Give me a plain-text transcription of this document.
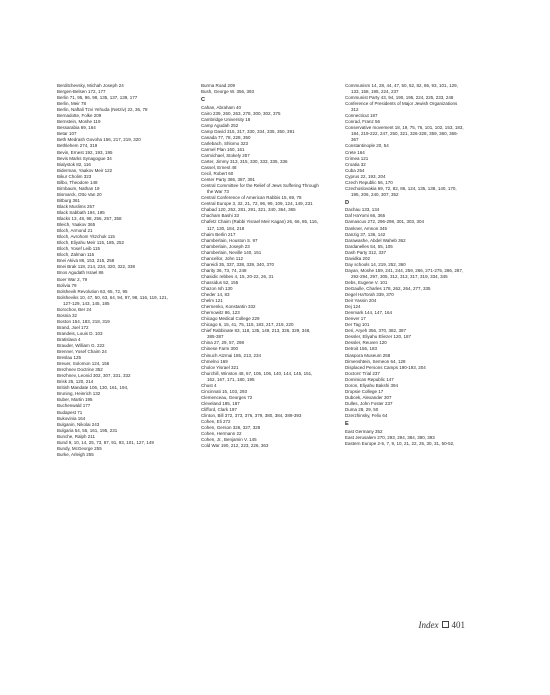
Berditchevsky, Michah Joseph 24
Bergen-Belsen 172, 177
Berlin 71, 95, 96, 98, 135, 137, 139, 177
Berlin, Meir 78
Berlin, Naftali Tzvi Yehuda (Netziv) 22, 36, 78
Bernadotte, Folke 209
Bernstein, Moshe 119
Bessarabia 69, 164
Betar 107
Beth Medrash Govoha 156, 217, 219, 320
Bethlehem 274, 319
Bevin, Ernest 192, 193, 195
Bevis Marks Synagogue 34
Bialystok 82, 116
Biderman, Yaakov Meir 122
Bikur Cholim 323
Bilbo, Theodore 148
Birnbaum, Nathan 19
Bismarck, Otto Van 20
Bitburg 361
Black Muslims 257
Black Sabbath 194, 195
Blacks 13, 48, 98, 256, 257, 358
Bleich, Yaakov 365
Bloch, Armond 21
Bloch, Avrohom Yitzchok 115
Bloch, Eliyahu Meir 115, 185, 252
Bloch, Yosef Leib 115
Bloch, Zalman 115
Bnei Akiva 86, 153, 215, 258
Bnei Brak 118, 214, 234, 320, 322, 338
Bnos Agudath Israel 86
Boer War 2, 79
Bolivia 79
Bolshevik Revolution 63, 65, 72, 95
Bolsheviks 10, 47, 50, 63, 64, 94, 97, 98, 116, 119, 121, 127-129, 143, 145, 185
Borochov, Ber 24
Bosnia 32
Boston 154, 183, 218, 319
Brand, Joel 172
Brandeis, Louis D. 103
Bratislava 4
Brauder, William G. 222
Brenner, Yosef Chaim 24
Breslau 125
Breuer, Solomon 124, 156
Brezhnev Doctrine 352
Brezhnev, Leonid 302, 307, 331, 332
Brisk 25, 120, 214
British Mandate 106, 130, 161, 194,
Bruning, Heinrich 132
Buber, Martin 195
Buchenwald 177
Budapest 71
Bukovinia 164
Bulganin, Nikolai 243
Bulgaria 54, 55, 161, 195, 231
Bunche, Ralph 211
Bund 9, 10, 14, 25, 73, 87, 91, 93, 101, 127, 149
Bundy, McGeorge 255
Burke, Arleigh 255
Burma Road 209
Bush, George W. 356, 393
C
Cahan, Abraham 40
Cairo 239, 260, 263, 278, 300, 302, 375
Cambridge University 18
Camp Agudah 252
Camp David 315, 317, 330, 334, 335, 350, 391
Canada 77, 78, 228, 350
Carlebach, Shlomo 323
Carmel Plan 160, 161
Carmichael, Stokely 257
Carter, Jimmy 313, 315, 330, 333, 335, 336
Cassel, Ernest 48
Cecil, Robert 60
Center Party 386, 387, 391
Central Committee for the Relief of Jews Suffering Through the War 73
Central Conference of American Rabbis 15, 69, 78
Central Europe 3, 32, 21, 72, 96, 99, 109, 124, 149, 231
Chabad 120, 252, 281, 291, 321, 340, 364, 365
Chacham Bashi 33
Chafetz Chaim (Rabbi Yisrael Meir Kagan) 26, 66, 85, 116, 117, 130, 184, 218
Chaim Berlin 217
Chamberlain, Houston S. 97
Chamberlain, Joseph 23
Chamberlain, Neville 140, 151
Chancellor, John 112
Chareidi 35, 337, 338, 339, 340, 370
Charity 36, 73, 74, 248
Chasidic rebbes 4, 15, 20-22, 26, 31
Chassidus 52, 155
Chazon Ish 130
Cheder 14, 83
Chelm 121
Chernenko, Konstantin 332
Chernowitz 86, 123
Chicago Medical College 229
Chicago 6, 15, 41, 75, 115, 183, 217, 219, 220
Chief Rabbinate 83, 118, 135, 149, 213, 326, 329, 348, 385-387
China 27, 29, 57, 298
Chinese Farm 300
Chinuch Atzmai 185, 213, 234
Chmelno 169
Cholov Yisrael 321
Churchill, Winston 48, 67, 105, 106, 140, 144, 145, 151, 162, 167, 171, 180, 195
Chust 4
Cincinnati 15, 103, 293
Clemenceau, Georges 72
Cleveland 185, 187
Clifford, Clark 197
Clinton, Bill 372, 373, 376, 379, 380, 384, 389-393
Cohen, Eli 272
Cohen, Gerson 326, 327, 328
Cohen, Hermann 22
Cohen, Jr., Benjamin V. 145
Cold War 190, 212, 223, 226, 363
Communism 14, 28, 44, 47, 50, 52, 82, 86, 93, 101, 129, 133, 158, 195, 224, 237
Communist Party 43, 94, 190, 195, 224, 225, 233, 248
Conference of Presidents of Major Jewish Organizations 312
Connecticut 187
Conrad, Franz 56
Conservative movement 18, 19, 75, 76, 101, 102, 153, 183, 184, 219-222, 247, 250, 321, 326-328, 359, 360, 365-367
Constantinople 20, 54
Crete 164
Crimea 121
Croatia 32
Cuba 254
Cyprus 22, 193, 204
Czech Republic 56, 170
Czechoslovakia 69, 72, 82, 86, 124, 135, 138, 140, 170, 195, 206, 240, 307, 352
D
Dachau 133, 134
Daf HaYomi 66, 365
Damascus 272, 296-298, 301, 303, 304
Dankner, Amnon 345
Danzig 37, 136, 142
Darawashe, Abdel Waheb 362
Dardanelles 54, 55, 105
Dash Party 312, 337
Davidka 202
Day schools 14, 219, 252, 360
Dayan, Moshe 159, 241, 244, 259, 266, 271-275, 286, 287, 292-294, 297, 305, 312, 313, 317, 319, 334, 345
Debs, Eugene V. 101
DeGaulle, Charles 178, 262, 264, 277, 335
Degel HaTorah 339, 370
Deir Yassin 204
Dej 124
Denmark 144, 147, 164
Denver 17
Der Tag 101
Deri, Aryeh 356, 370, 382, 387
Dessler, Eliyahu Eliezer 120, 187
Dessler, Reuven 120
Detroit 156, 183
Diaspora Museum 258
Dimenshtein, Semeon 64, 128
Displaced Persons Camps 190-193, 204
Doctors' Trial 237
Dominican Republic 147
Doron, Eliyahu Bakshi 394
Dropsie College 17
Dubcek, Alexander 307
Dulles, John Foster 237
Duma 28, 29, 50
Dzerzhinsky, Felix 64
E
East Germany 352
East Jerusalem 270, 293, 294, 384, 390, 393
Eastern Europe 2-5, 7, 9, 10, 21, 22, 25, 30, 31, 50-52,
Index 401
